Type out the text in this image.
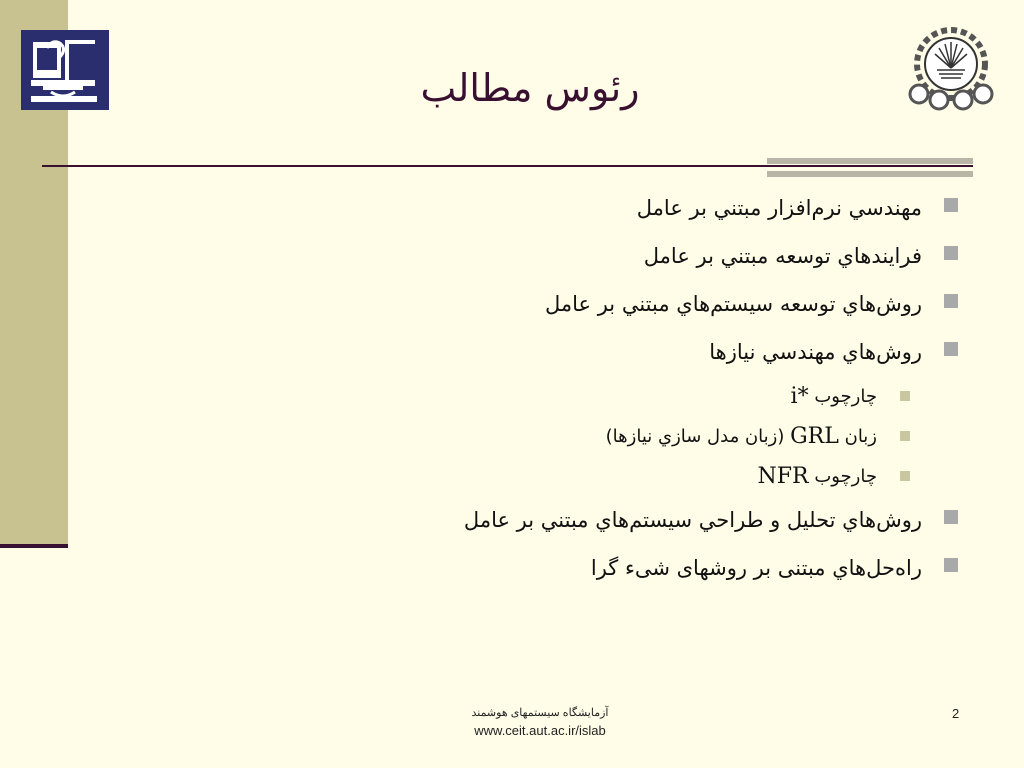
رئوس مطالب
مهندسي نرم‌افزار مبتني بر عامل
فرايندهاي توسعه مبتني بر عامل
روش‌هاي توسعه سيستم‌هاي مبتني بر عامل
روش‌هاي مهندسي نيازها
چارچوب

i*
زبان

GRL

(زبان مدل سازي نيازها)
چارچوب

NFR
روش‌هاي تحليل و طراحي سيستم‌هاي مبتني بر عامل
راه‌حل‌هاي مبتنی بر روشهای شیء گرا
آزمايشگاه سيستمهای هوشمند
www.ceit.aut.ac.ir/islab
2
